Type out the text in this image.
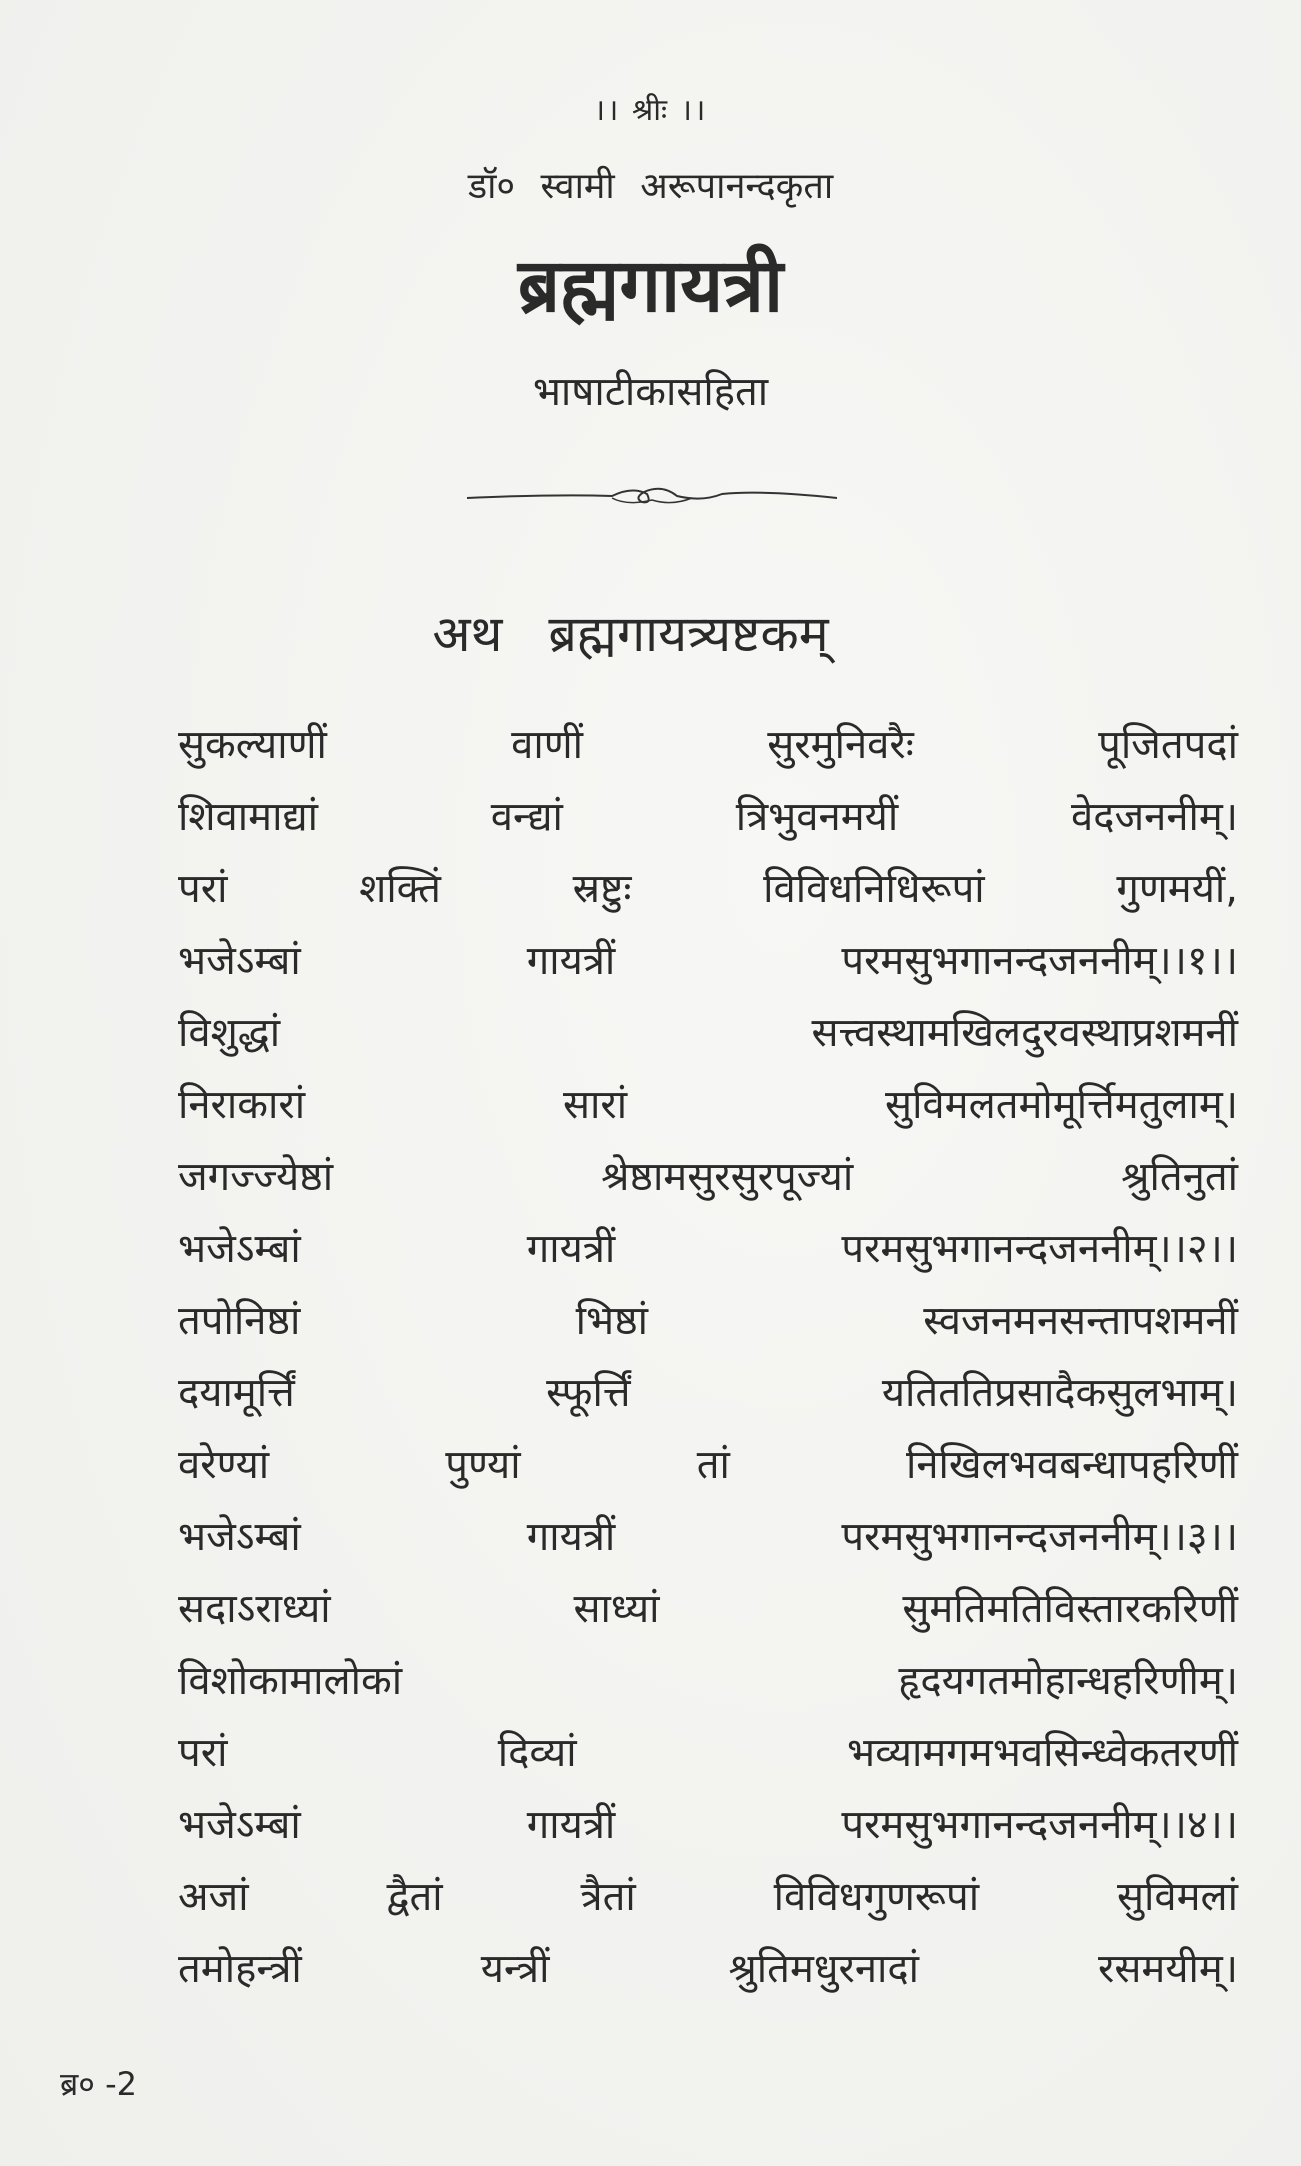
।। श्रीः ।।
डॉ० स्वामी अरूपानन्दकृता
ब्रह्मगायत्री
भाषाटीकासहिता
अथ ब्रह्मगायत्र्यष्टकम्
सुकल्याणीं	वाणीं	सुरमुनिवरैः	पूजितपदां
शिवामाद्यां	वन्द्यां	त्रिभुवनमयीं	वेदजननीम्।
परां	शक्तिं	स्रष्टुः	विविधनिधिरूपां	गुणमयीं,
भजेऽम्बां	गायत्रीं	परमसुभगानन्दजननीम्।।१।।
विशुद्धां	सत्त्वस्थामखिलदुरवस्थाप्रशमनीं
निराकारां	सारां	सुविमलतमोमूर्त्तिमतुलाम्।
जगज्ज्येष्ठां	श्रेष्ठामसुरसुरपूज्यां	श्रुतिनुतां
भजेऽम्बां	गायत्रीं	परमसुभगानन्दजननीम्।।२।।
तपोनिष्ठां	भिष्ठां	स्वजनमनसन्तापशमनीं
दयामूर्त्तिं	स्फूर्त्तिं	यतिततिप्रसादैकसुलभाम्।
वरेण्यां	पुण्यां	तां	निखिलभवबन्धापहरिणीं
भजेऽम्बां	गायत्रीं	परमसुभगानन्दजननीम्।।३।।
सदाऽराध्यां	साध्यां	सुमतिमतिविस्तारकरिणीं
विशोकामालोकां	हृदयगतमोहान्धहरिणीम्।
परां	दिव्यां	भव्यामगमभवसिन्ध्वेकतरणीं
भजेऽम्बां	गायत्रीं	परमसुभगानन्दजननीम्।।४।।
अजां	द्वैतां	त्रैतां	विविधगुणरूपां	सुविमलां
तमोहन्त्रीं	यन्त्रीं	श्रुतिमधुरनादां	रसमयीम्।
ब्र० -2
